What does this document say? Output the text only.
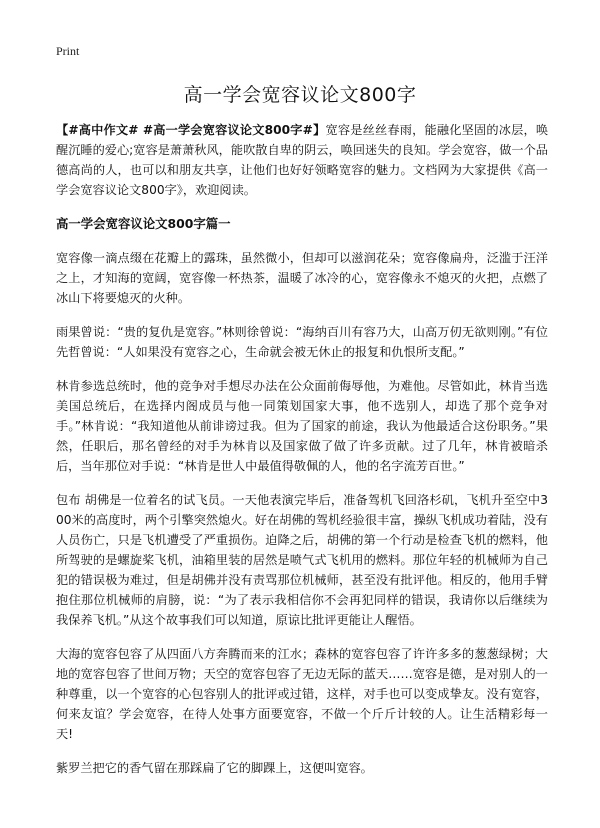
Print
高一学会宽容议论文800字

【#高中作文# #高一学会宽容议论文800字#】宽容是丝丝春雨，能融化坚固的冰层，唤醒沉睡的爱心;宽容是萧萧秋风，能吹散自卑的阴云，唤回迷失的良知。学会宽容，做一个品德高尚的人，也可以和朋友共享，让他们也好好领略宽容的魅力。文档网为大家提供《高一学会宽容议论文800字》，欢迎阅读。

高一学会宽容议论文800字篇一

宽容像一滴点缀在花瓣上的露珠，虽然微小，但却可以滋润花朵；宽容像扁舟，泛滥于汪洋之上，才知海的宽阔，宽容像一杯热茶，温暖了冰冷的心，宽容像永不熄灭的火把，点燃了冰山下将要熄灭的火种。

雨果曾说：“贵的复仇是宽容。”林则徐曾说：“海纳百川有容乃大，山高万仞无欲则刚。”有位先哲曾说：“人如果没有宽容之心，生命就会被无休止的报复和仇恨所支配。”

林肯参选总统时，他的竞争对手想尽办法在公众面前侮辱他，为难他。尽管如此，林肯当选美国总统后，在选择内阁成员与他一同策划国家大事，他不选别人，却选了那个竞争对手。”林肯说：“我知道他从前诽谤过我。但为了国家的前途，我认为他最适合这份职务。”果然，任职后，那名曾经的对手为林肯以及国家做了做了许多贡献。过了几年，林肯被暗杀后，当年那位对手说：“林肯是世人中最值得敬佩的人，他的名字流芳百世。”

包布 胡佛是一位着名的试飞员。一天他表演完毕后，准备驾机飞回洛杉矶，飞机升至空中300米的高度时，两个引擎突然熄火。好在胡佛的驾机经验很丰富，操纵飞机成功着陆，没有人员伤亡，只是飞机遭受了严重损伤。迫降之后，胡佛的第一个行动是检查飞机的燃料，他所驾驶的是螺旋桨飞机，油箱里装的居然是喷气式飞机用的燃料。那位年轻的机械师为自己犯的错误极为难过，但是胡佛并没有责骂那位机械师，甚至没有批评他。相反的，他用手臂抱住那位机械师的肩膀，说：“为了表示我相信你不会再犯同样的错误，我请你以后继续为我保养飞机。”从这个故事我们可以知道，原谅比批评更能让人醒悟。

大海的宽容包容了从四面八方奔腾而来的江水；森林的宽容包容了许许多多的葱葱绿树；大地的宽容包容了世间万物；天空的宽容包容了无边无际的蓝天……宽容是德，是对别人的一种尊重，以一个宽容的心包容别人的批评或过错，这样，对手也可以变成挚友。没有宽容，何来友谊？学会宽容，在待人处事方面要宽容，不做一个斤斤计较的人。让生活精彩每一天!

紫罗兰把它的香气留在那踩扁了它的脚踝上，这便叫宽容。
